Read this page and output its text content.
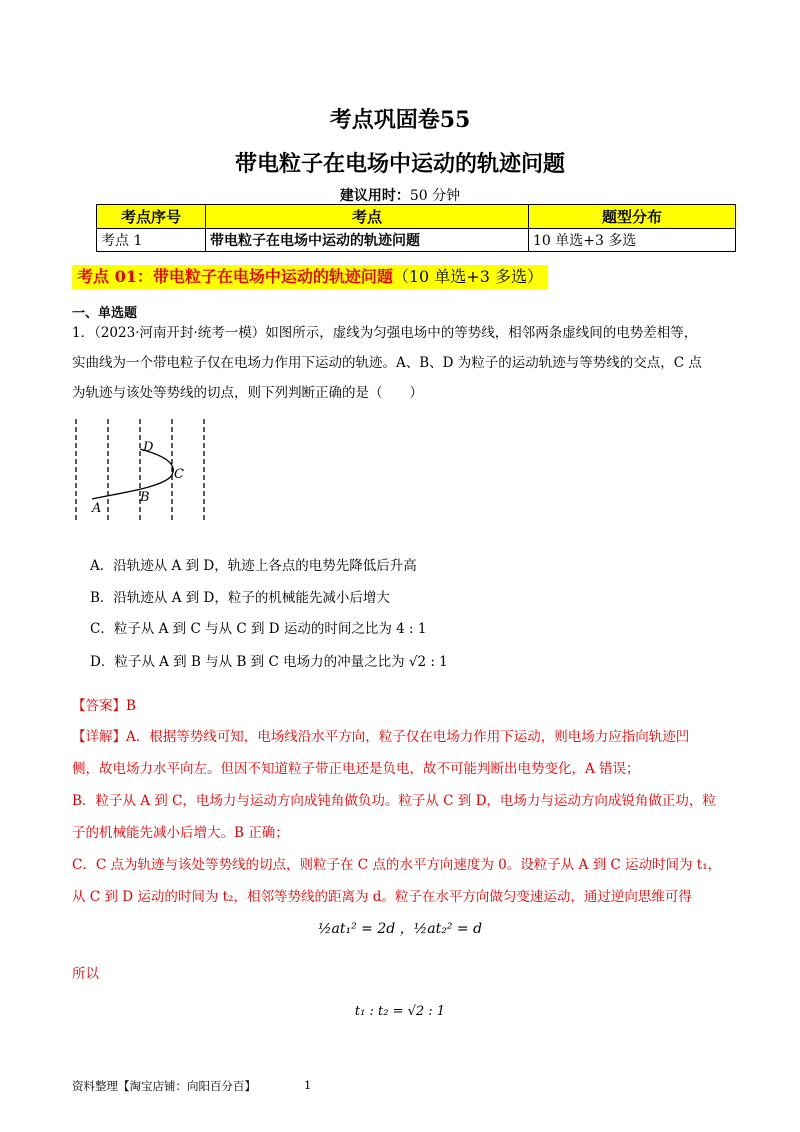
考点巩固卷55
带电粒子在电场中运动的轨迹问题
建议用时：50 分钟
考点序号	考点	题型分布
考点 1	带电粒子在电场中运动的轨迹问题	10 单选+3 多选
考点 01：带电粒子在电场中运动的轨迹问题（10 单选+3 多选）
一、单选题
1．（2023·河南开封·统考一模）如图所示，虚线为匀强电场中的等势线，相邻两条虚线间的电势差相等，
实曲线为一个带电粒子仅在电场力作用下运动的轨迹。A、B、D 为粒子的运动轨迹与等势线的交点，C 点
为轨迹与该处等势线的切点，则下列判断正确的是（　　）
A
B
C
D
A．沿轨迹从 A 到 D，轨迹上各点的电势先降低后升高
B．沿轨迹从 A 到 D，粒子的机械能先减小后增大
C．粒子从 A 到 C 与从 C 到 D 运动的时间之比为 4 : 1
D．粒子从 A 到 B 与从 B 到 C 电场力的冲量之比为 √2 : 1
【答案】B
【详解】A．根据等势线可知，电场线沿水平方向，粒子仅在电场力作用下运动，则电场力应指向轨迹凹
侧，故电场力水平向左。但因不知道粒子带正电还是负电，故不可能判断出电势变化，A 错误；
B．粒子从 A 到 C，电场力与运动方向成钝角做负功。粒子从 C 到 D，电场力与运动方向成锐角做正功，粒
子的机械能先减小后增大。B 正确；
C．C 点为轨迹与该处等势线的切点，则粒子在 C 点的水平方向速度为 0。设粒子从 A 到 C 运动时间为 t₁，
从 C 到 D 运动的时间为 t₂，相邻等势线的距离为 d。粒子在水平方向做匀变速运动，通过逆向思维可得
½at₁² = 2d ，½at₂² = d
所以
t₁ : t₂ = √2 : 1
资料整理【淘宝店铺：向阳百分百】	1
